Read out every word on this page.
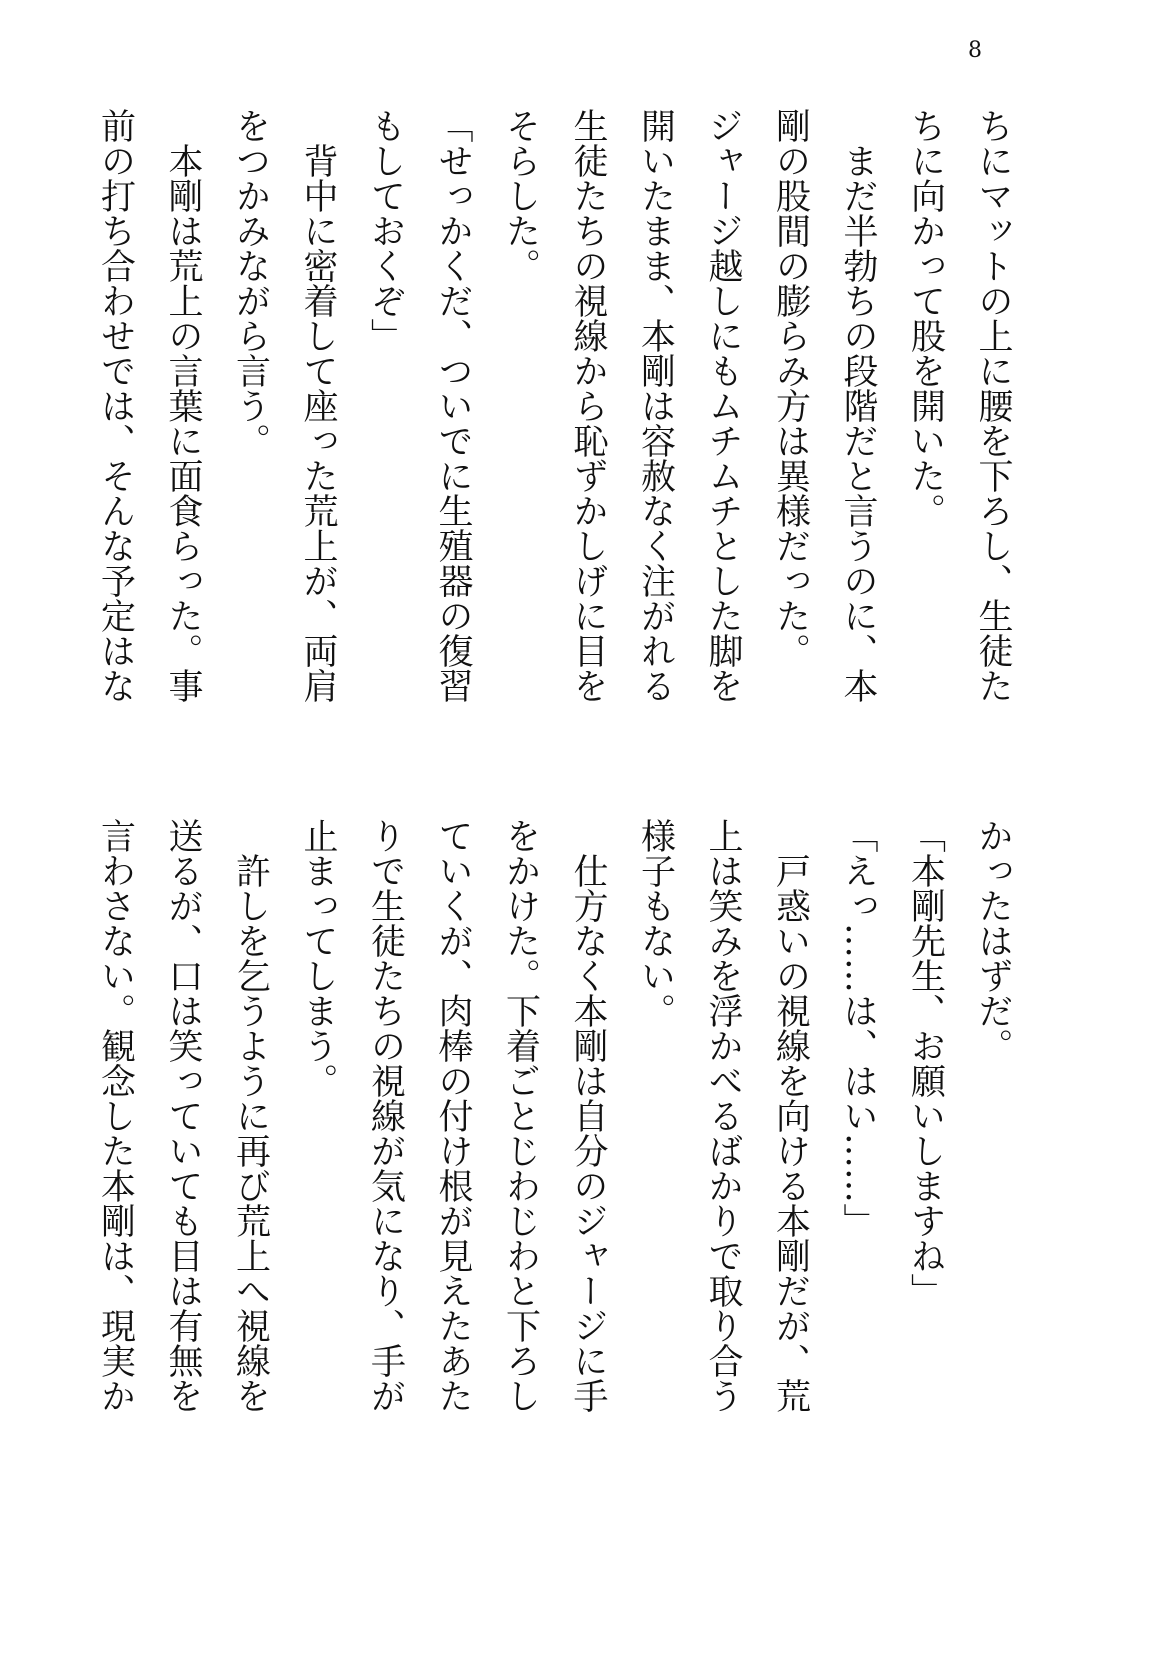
8
ちにマットの上に腰を下ろし、生徒た
ちに向かって股を開いた。
　まだ半勃ちの段階だと言うのに、本
剛の股間の膨らみ方は異様だった。
ジャージ越しにもムチムチとした脚を
開いたまま、本剛は容赦なく注がれる
生徒たちの視線から恥ずかしげに目を
そらした。
「せっかくだ、ついでに生殖器の復習
もしておくぞ」
　背中に密着して座った荒上が、両肩
をつかみながら言う。
　本剛は荒上の言葉に面食らった。事
前の打ち合わせでは、そんな予定はな
かったはずだ。
「本剛先生、お願いしますね」
「えっ……は、はい……」
　戸惑いの視線を向ける本剛だが、荒
上は笑みを浮かべるばかりで取り合う
様子もない。
　仕方なく本剛は自分のジャージに手
をかけた。下着ごとじわじわと下ろし
ていくが、肉棒の付け根が見えたあた
りで生徒たちの視線が気になり、手が
止まってしまう。
　許しを乞うように再び荒上へ視線を
送るが、口は笑っていても目は有無を
言わさない。観念した本剛は、現実か
